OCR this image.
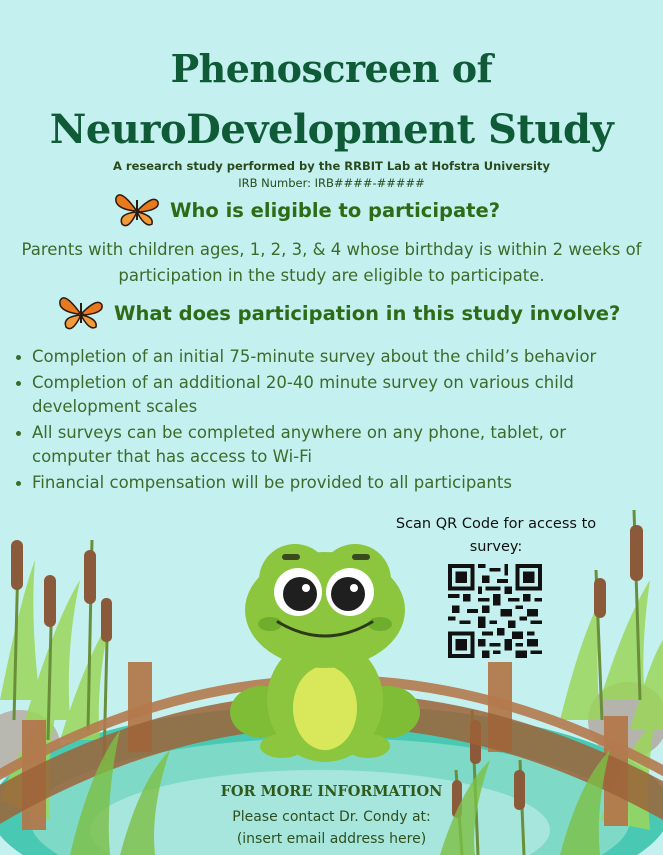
Phenoscreen of
NeuroDevelopment Study
A research study performed by the RRBIT Lab at Hofstra University
IRB Number: IRB####-#####
Who is eligible to participate?
Parents with children ages, 1, 2, 3, & 4 whose birthday is within 2 weeks of
participation in the study are eligible to participate.
What does participation in this study involve?
Completion of an initial 75-minute survey about the child’s behavior
Completion of an additional 20-40 minute survey on various child
development scales
All surveys can be completed anywhere on any phone, tablet, or
computer that has access to Wi-Fi
Financial compensation will be provided to all participants
Scan QR Code for access to
survey:
FOR MORE INFORMATION
Please contact Dr. Condy at:
(insert email address here)
